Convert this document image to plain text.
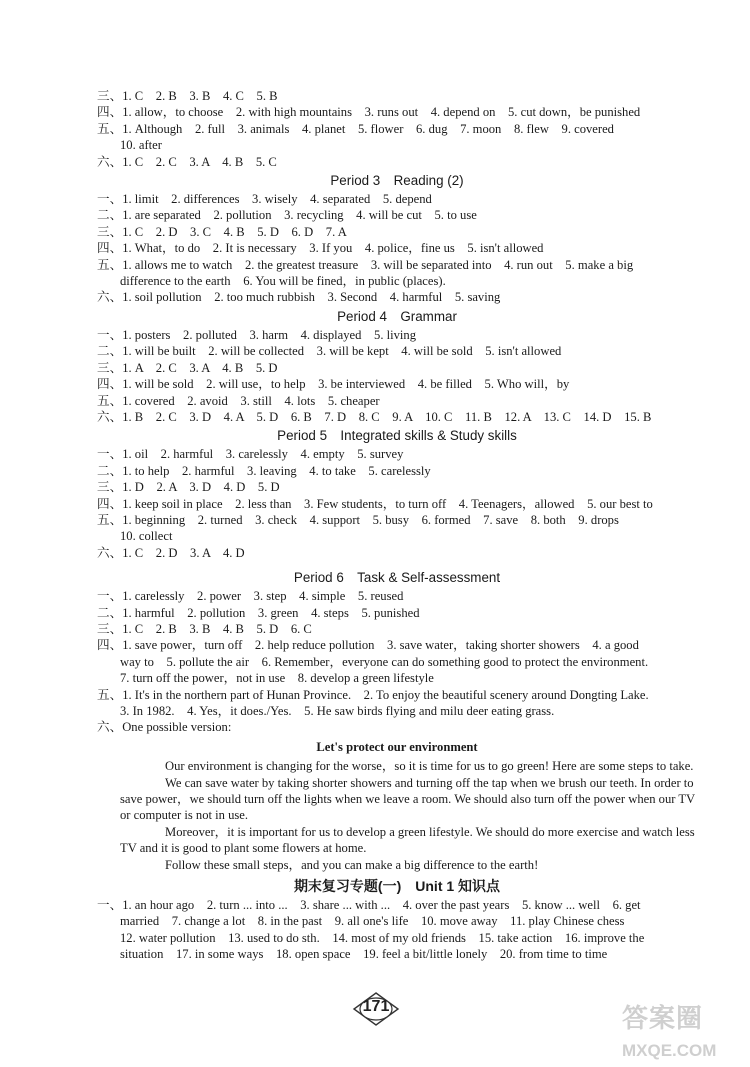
三、1. C　2. B　3. B　4. C　5. B
四、1. allow，to choose　2. with high mountains　3. runs out　4. depend on　5. cut down，be punished
五、1. Although　2. full　3. animals　4. planet　5. flower　6. dug　7. moon　8. flew　9. covered
10. after
六、1. C　2. C　3. A　4. B　5. C
Period 3　Reading (2)
一、1. limit　2. differences　3. wisely　4. separated　5. depend
二、1. are separated　2. pollution　3. recycling　4. will be cut　5. to use
三、1. C　2. D　3. C　4. B　5. D　6. D　7. A
四、1. What，to do　2. It is necessary　3. If you　4. police，fine us　5. isn't allowed
五、1. allows me to watch　2. the greatest treasure　3. will be separated into　4. run out　5. make a big
difference to the earth　6. You will be fined，in public (places).
六、1. soil pollution　2. too much rubbish　3. Second　4. harmful　5. saving
Period 4　Grammar
一、1. posters　2. polluted　3. harm　4. displayed　5. living
二、1. will be built　2. will be collected　3. will be kept　4. will be sold　5. isn't allowed
三、1. A　2. C　3. A　4. B　5. D
四、1. will be sold　2. will use，to help　3. be interviewed　4. be filled　5. Who will，by
五、1. covered　2. avoid　3. still　4. lots　5. cheaper
六、1. B　2. C　3. D　4. A　5. D　6. B　7. D　8. C　9. A　10. C　11. B　12. A　13. C　14. D　15. B
Period 5　Integrated skills & Study skills
一、1. oil　2. harmful　3. carelessly　4. empty　5. survey
二、1. to help　2. harmful　3. leaving　4. to take　5. carelessly
三、1. D　2. A　3. D　4. D　5. D
四、1. keep soil in place　2. less than　3. Few students，to turn off　4. Teenagers，allowed　5. our best to
五、1. beginning　2. turned　3. check　4. support　5. busy　6. formed　7. save　8. both　9. drops
10. collect
六、1. C　2. D　3. A　4. D
Period 6　Task & Self-assessment
一、1. carelessly　2. power　3. step　4. simple　5. reused
二、1. harmful　2. pollution　3. green　4. steps　5. punished
三、1. C　2. B　3. B　4. B　5. D　6. C
四、1. save power，turn off　2. help reduce pollution　3. save water，taking shorter showers　4. a good
way to　5. pollute the air　6. Remember，everyone can do something good to protect the environment.
7. turn off the power，not in use　8. develop a green lifestyle
五、1. It's in the northern part of Hunan Province.　2. To enjoy the beautiful scenery around Dongting Lake.
3. In 1982.　4. Yes，it does./Yes.　5. He saw birds flying and milu deer eating grass.
六、One possible version:
Let's protect our environment

Our environment is changing for the worse，so it is time for us to go green! Here are some steps to take.

We can save water by taking shorter showers and turning off the tap when we brush our teeth. In order to save power，we should turn off the lights when we leave a room. We should also turn off the power when our TV or computer is not in use.

Moreover，it is important for us to develop a green lifestyle. We should do more exercise and watch less TV and it is good to plant some flowers at home.

Follow these small steps，and you can make a big difference to the earth!

期末复习专题(一)　Unit 1 知识点
一、1. an hour ago　2. turn ... into ...　3. share ... with ...　4. over the past years　5. know ... well　6. get
married　7. change a lot　8. in the past　9. all one's life　10. move away　11. play Chinese chess
12. water pollution　13. used to do sth.　14. most of my old friends　15. take action　16. improve the
situation　17. in some ways　18. open space　19. feel a bit/little lonely　20. from time to time
171	答案圈
MXQE.COM
